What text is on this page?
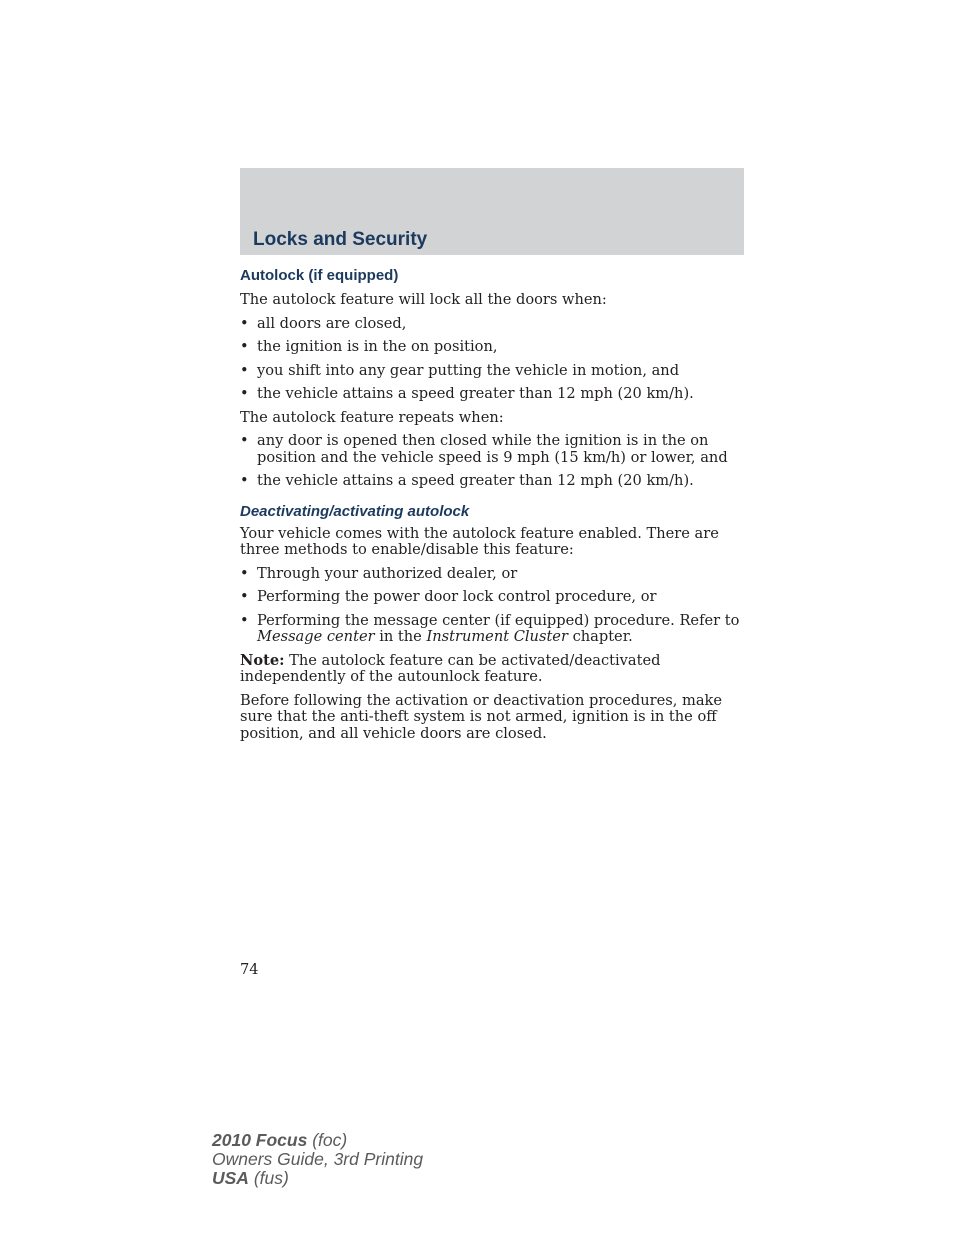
Locks and Security
Autolock (if equipped)

The autolock feature will lock all the doors when:

• all doors are closed,
• the ignition is in the on position,
• you shift into any gear putting the vehicle in motion, and
• the vehicle attains a speed greater than 12 mph (20 km/h).

The autolock feature repeats when:

• any door is opened then closed while the ignition is in the on position and the vehicle speed is 9 mph (15 km/h) or lower, and
• the vehicle attains a speed greater than 12 mph (20 km/h).
Deactivating/activating autolock

Your vehicle comes with the autolock feature enabled. There are three methods to enable/disable this feature:

• Through your authorized dealer, or
• Performing the power door lock control procedure, or
• Performing the message center (if equipped) procedure. Refer to Message center in the Instrument Cluster chapter.

Note: The autolock feature can be activated/deactivated independently of the autounlock feature.

Before following the activation or deactivation procedures, make sure that the anti-theft system is not armed, ignition is in the off position, and all vehicle doors are closed.

74
2010 Focus (foc)
Owners Guide, 3rd Printing
USA (fus)
